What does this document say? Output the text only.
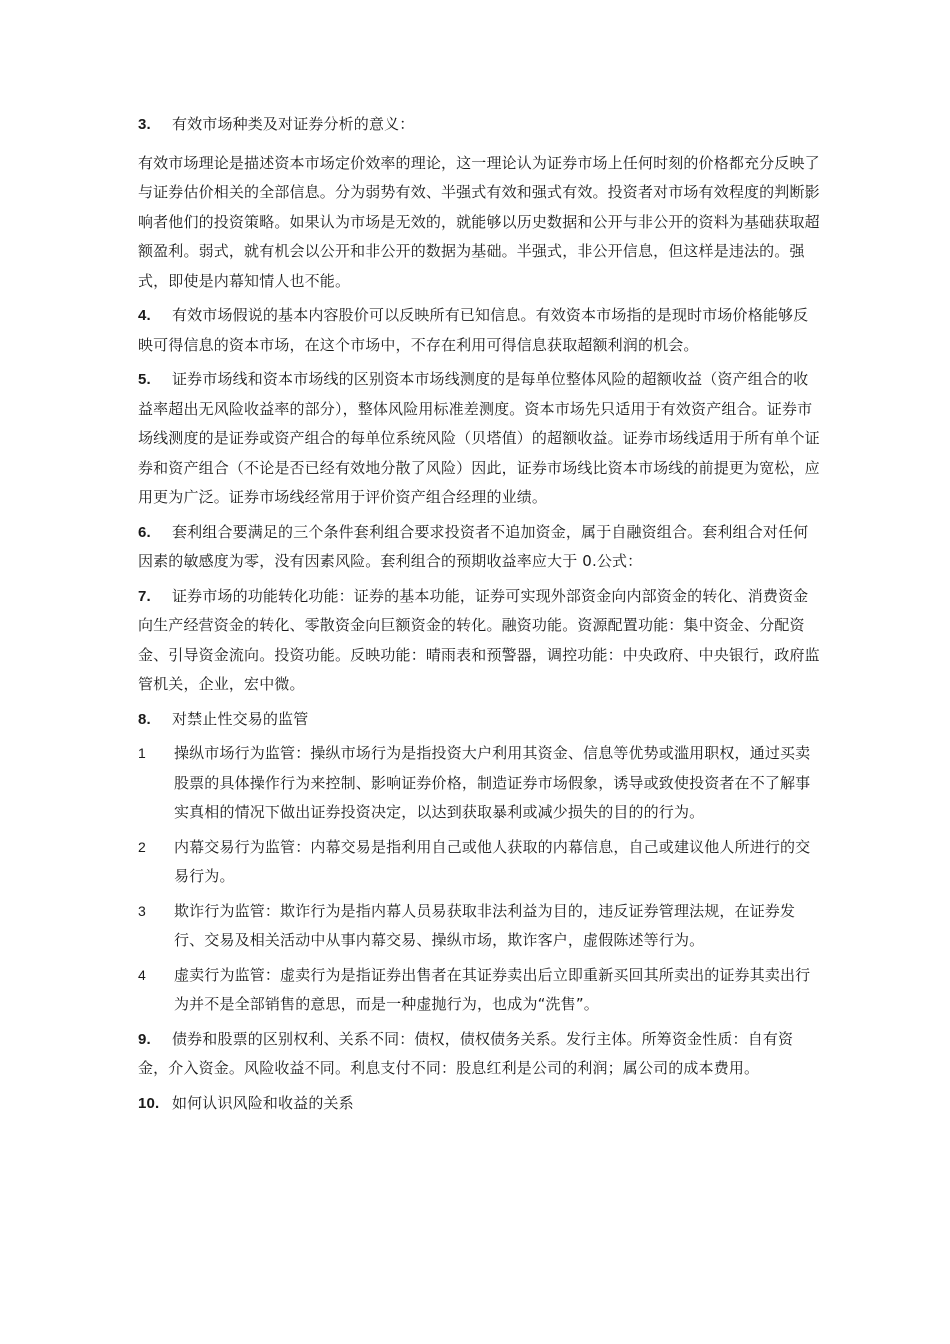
3. 有效市场种类及对证券分析的意义：

有效市场理论是描述资本市场定价效率的理论，这一理论认为证券市场上任何时刻的价格都充分反映了与证券估价相关的全部信息。分为弱势有效、半强式有效和强式有效。投资者对市场有效程度的判断影响者他们的投资策略。如果认为市场是无效的，就能够以历史数据和公开与非公开的资料为基础获取超额盈利。弱式，就有机会以公开和非公开的数据为基础。半强式，非公开信息，但这样是违法的。强式，即使是内幕知情人也不能。

4. 有效市场假说的基本内容股价可以反映所有已知信息。有效资本市场指的是现时市场价格能够反映可得信息的资本市场，在这个市场中，不存在利用可得信息获取超额利润的机会。

5. 证券市场线和资本市场线的区别资本市场线测度的是每单位整体风险的超额收益（资产组合的收益率超出无风险收益率的部分），整体风险用标准差测度。资本市场先只适用于有效资产组合。证券市场线测度的是证券或资产组合的每单位系统风险（贝塔值）的超额收益。证券市场线适用于所有单个证券和资产组合（不论是否已经有效地分散了风险）因此，证券市场线比资本市场线的前提更为宽松，应用更为广泛。证券市场线经常用于评价资产组合经理的业绩。

6. 套利组合要满足的三个条件套利组合要求投资者不追加资金，属于自融资组合。套利组合对任何因素的敏感度为零，没有因素风险。套利组合的预期收益率应大于 0.公式：

7. 证券市场的功能转化功能：证券的基本功能，证券可实现外部资金向内部资金的转化、消费资金向生产经营资金的转化、零散资金向巨额资金的转化。融资功能。资源配置功能：集中资金、分配资金、引导资金流向。投资功能。反映功能：晴雨表和预警器，调控功能：中央政府、中央银行，政府监管机关，企业，宏中微。

8. 对禁止性交易的监管

1 操纵市场行为监管：操纵市场行为是指投资大户利用其资金、信息等优势或滥用职权，通过买卖股票的具体操作行为来控制、影响证券价格，制造证券市场假象，诱导或致使投资者在不了解事实真相的情况下做出证券投资决定，以达到获取暴利或减少损失的目的的行为。
2 内幕交易行为监管：内幕交易是指利用自己或他人获取的内幕信息，自己或建议他人所进行的交易行为。
3 欺诈行为监管：欺诈行为是指内幕人员易获取非法利益为目的，违反证券管理法规，在证券发行、交易及相关活动中从事内幕交易、操纵市场，欺诈客户，虚假陈述等行为。
4 虚卖行为监管：虚卖行为是指证券出售者在其证券卖出后立即重新买回其所卖出的证券其卖出行为并不是全部销售的意思，而是一种虚抛行为，也成为“洗售”。

9. 债券和股票的区别权利、关系不同：债权，债权债务关系。发行主体。所筹资金性质：自有资金，介入资金。风险收益不同。利息支付不同：股息红利是公司的利润；属公司的成本费用。

10. 如何认识风险和收益的关系
